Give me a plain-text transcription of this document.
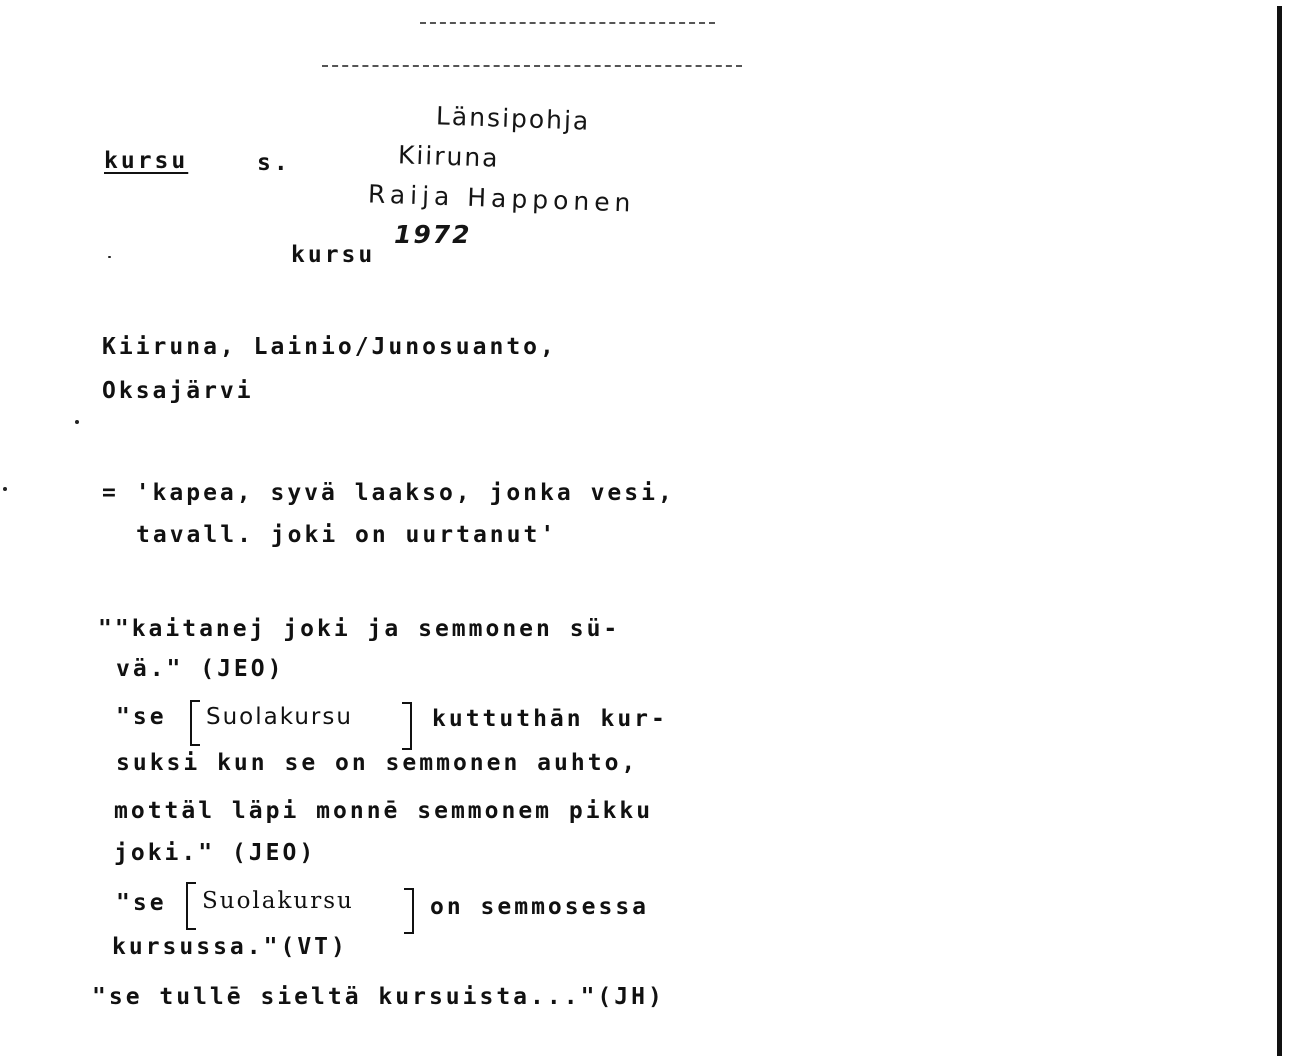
kursu	s.
Länsipohja
Kiiruna
Raija Happonen
1972
kursu
Kiiruna, Lainio/Junosuanto,
Oksajärvi
= 'kapea, syvä laakso, jonka vesi,
tavall. joki on uurtanut'
""kaitanej joki ja semmonen sü-
vä." (JEO)
"se Suolakursu	kuttuthān kur-
suksi kun se on semmonen auhto,
mottäl läpi monnē semmonem pikku
joki." (JEO)
"se Suolakursu	on semmosessa
kursussa."(VT)
"se tullē sieltä kursuista..."(JH)
